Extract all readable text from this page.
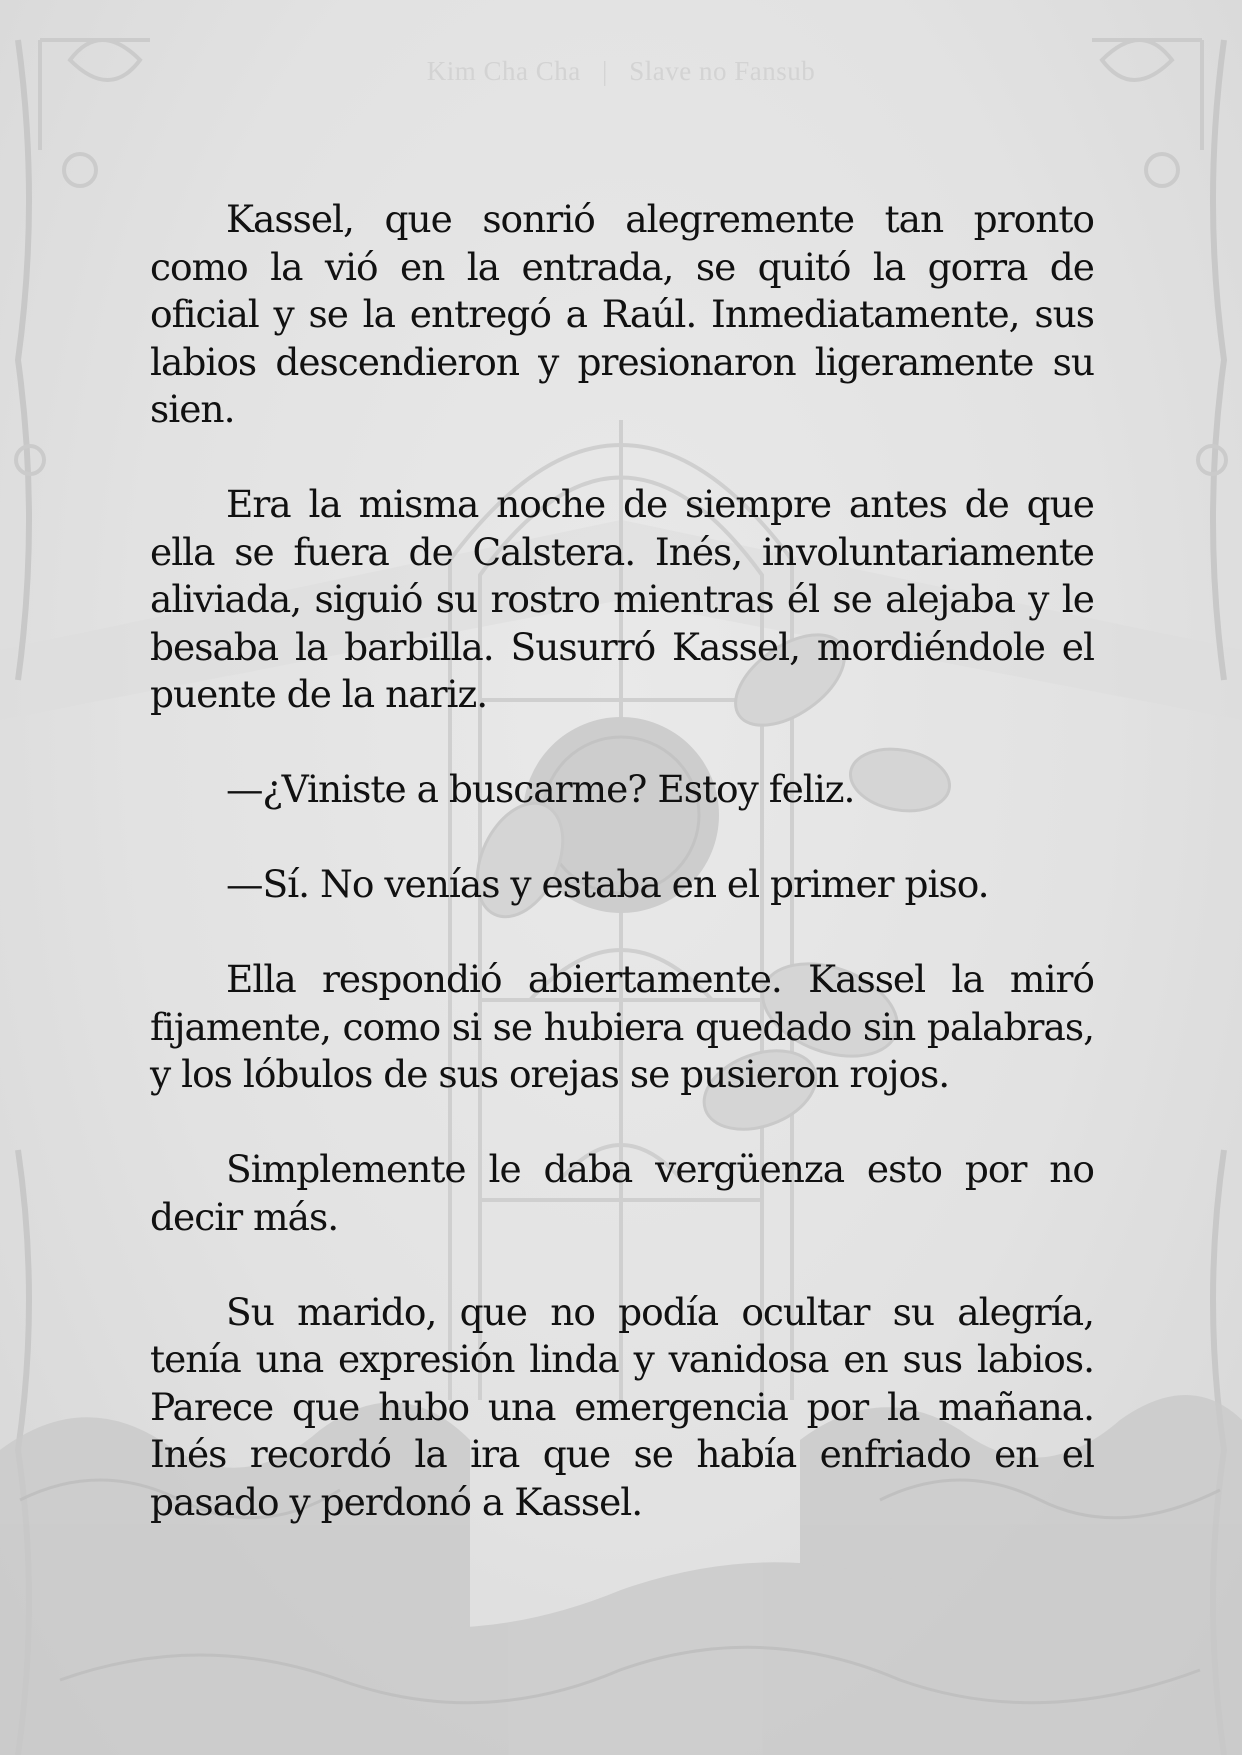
Kim Cha Cha | Slave no Fansub

Kassel, que sonrió alegremente tan pronto como la vió en la entrada, se quitó la gorra de oficial y se la entregó a Raúl. Inmediatamente, sus labios descendieron y presionaron ligeramente su sien.

Era la misma noche de siempre antes de que ella se fuera de Calstera. Inés, involuntariamente aliviada, siguió su rostro mientras él se alejaba y le besaba la barbilla. Susurró Kassel, mordiéndole el puente de la nariz.

—¿Viniste a buscarme? Estoy feliz.

—Sí. No venías y estaba en el primer piso.

Ella respondió abiertamente. Kassel la miró fijamente, como si se hubiera quedado sin palabras, y los lóbulos de sus orejas se pusieron rojos.

Simplemente le daba vergüenza esto por no decir más.

Su marido, que no podía ocultar su alegría, tenía una expresión linda y vanidosa en sus labios. Parece que hubo una emergencia por la mañana. Inés recordó la ira que se había enfriado en el pasado y perdonó a Kassel.
